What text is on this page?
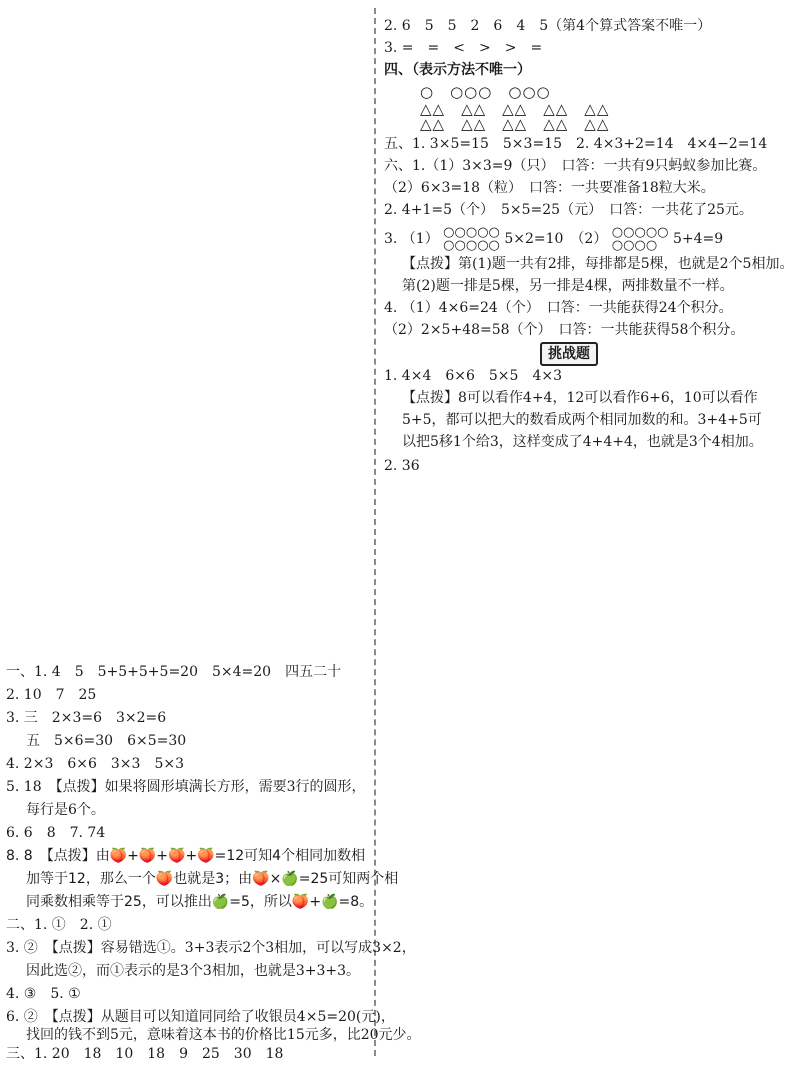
2. 6　5　5　2　6　4　5（第4个算式答案不唯一）
3. =　=　<　>　>　=
四、（表示方法不唯一）
○　○○○　○○○
△△　△△　△△　△△　△△
△△　△△　△△　△△　△△
五、1. 3×5=15　5×3=15　2. 4×3+2=14　4×4−2=14
六、1.（1）3×3=9（只）　口答：一共有9只蚂蚁参加比赛。
（2）6×3=18（粒）　口答：一共要准备18粒大米。
2. 4+1=5（个）　5×5=25（元）　口答：一共花了25元。
3. （1） ○○○○○
○○○○○ 5×2=10　（2） ○○○○○
○○○○	5+4=9
【点拨】第(1)题一共有2排，每排都是5棵，也就是2个5相加。
第(2)题一排是5棵，另一排是4棵，两排数量不一样。
4. （1）4×6=24（个）　口答：一共能获得24个积分。
（2）2×5+48=58（个）　口答：一共能获得58个积分。
挑战题
1. 4×4　6×6　5×5　4×3
【点拨】8可以看作4+4，12可以看作6+6，10可以看作
5+5，都可以把大的数看成两个相同加数的和。3+4+5可
以把5移1个给3，这样变成了4+4+4，也就是3个4相加。
2. 36
一、1. 4　5　5+5+5+5=20　5×4=20　四五二十
2. 10　7　25
3. 三　2×3=6　3×2=6
五　5×6=30　6×5=30
4. 2×3　6×6　3×3　5×3
5. 18　【点拨】如果将圆形填满长方形，需要3行的圆形，
每行是6个。
6. 6　8　7. 74
8. 8　【点拨】由🍑+🍑+🍑+🍑=12可知4个相同加数相
加等于12，那么一个🍑也就是3；由🍑×🍏=25可知两个相
同乘数相乘等于25，可以推出🍏=5，所以🍑+🍏=8。
二、1. ①　2. ①
3. ②　【点拨】容易错选①。3+3表示2个3相加，可以写成3×2，
因此选②，而①表示的是3个3相加，也就是3+3+3。
4. ③　5. ①
6. ②　【点拨】从题目可以知道同同给了收银员4×5=20(元)，
找回的钱不到5元，意味着这本书的价格比15元多，比20元少。
三、1. 20　18　10　18　9　25　30　18
